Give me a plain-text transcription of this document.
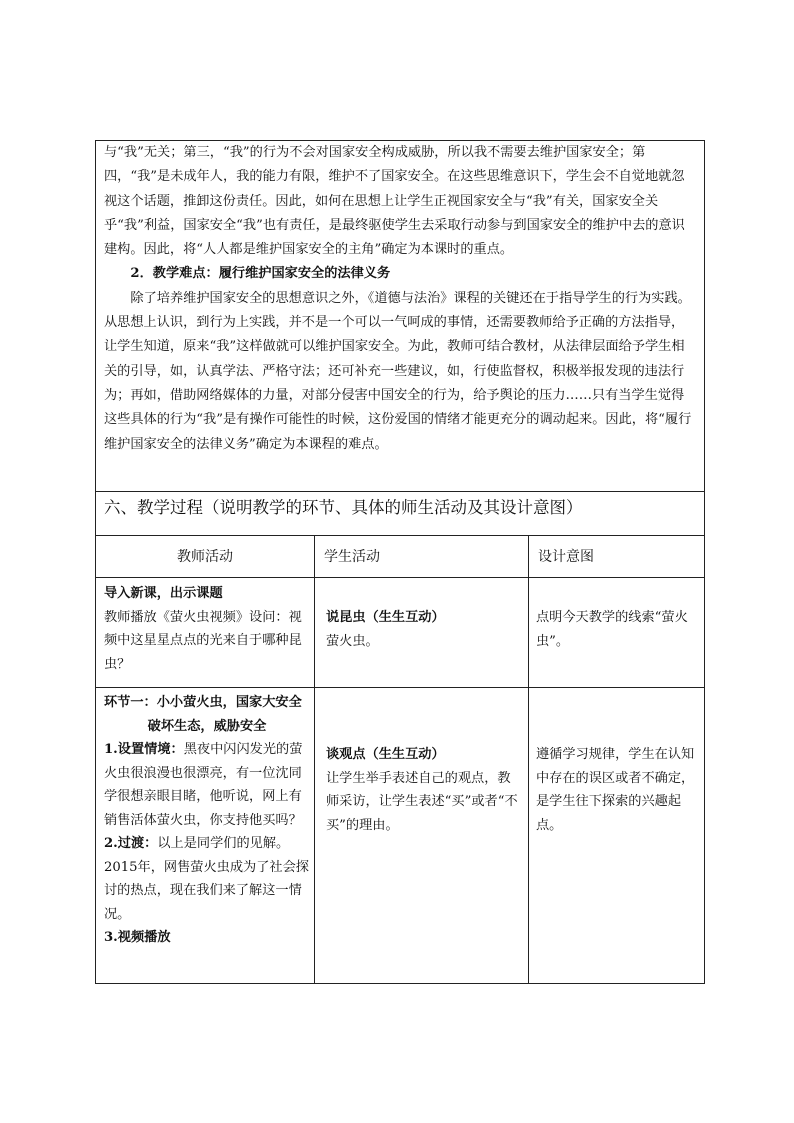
与“我”无关；第三，“我”的行为不会对国家安全构成威胁，所以我不需要去维护国家安全；第四，“我”是未成年人，我的能力有限，维护不了国家安全。在这些思维意识下，学生会不自觉地就忽视这个话题，推卸这份责任。因此，如何在思想上让学生正视国家安全与“我”有关，国家安全关乎“我”利益，国家安全“我”也有责任，是最终驱使学生去采取行动参与到国家安全的维护中去的意识建构。因此，将“人人都是维护国家安全的主角”确定为本课时的重点。

2．教学难点：履行维护国家安全的法律义务

除了培养维护国家安全的思想意识之外，《道德与法治》课程的关键还在于指导学生的行为实践。从思想上认识，到行为上实践，并不是一个可以一气呵成的事情，还需要教师给予正确的方法指导，让学生知道，原来“我”这样做就可以维护国家安全。为此，教师可结合教材，从法律层面给予学生相关的引导，如，认真学法、严格守法；还可补充一些建议，如，行使监督权，积极举报发现的违法行为；再如，借助网络媒体的力量，对部分侵害中国安全的行为，给予舆论的压力……只有当学生觉得这些具体的行为“我”是有操作可能性的时候，这份爱国的情绪才能更充分的调动起来。因此，将“履行维护国家安全的法律义务”确定为本课程的难点。

六、教学过程（说明教学的环节、具体的师生活动及其设计意图）
教师活动	学生活动	设计意图

导入新课，出示课题

教师播放《萤火虫视频》设问：视频中这星星点点的光来自于哪种昆虫？

说昆虫（生生互动）

萤火虫。

点明今天教学的线索“萤火虫”。

环节一：小小萤火虫，国家大安全

破坏生态，威胁安全

1.设置情境：黑夜中闪闪发光的萤火虫很浪漫也很漂亮，有一位沈同学很想亲眼目睹，他听说，网上有销售活体萤火虫，你支持他买吗？

2.过渡：以上是同学们的见解。2015年，网售萤火虫成为了社会探讨的热点，现在我们来了解这一情况。

3.视频播放

谈观点（生生互动）

让学生举手表述自己的观点，教师采访，让学生表述“买”或者“不买”的理由。

遵循学习规律，学生在认知中存在的误区或者不确定，是学生往下探索的兴趣起点。
